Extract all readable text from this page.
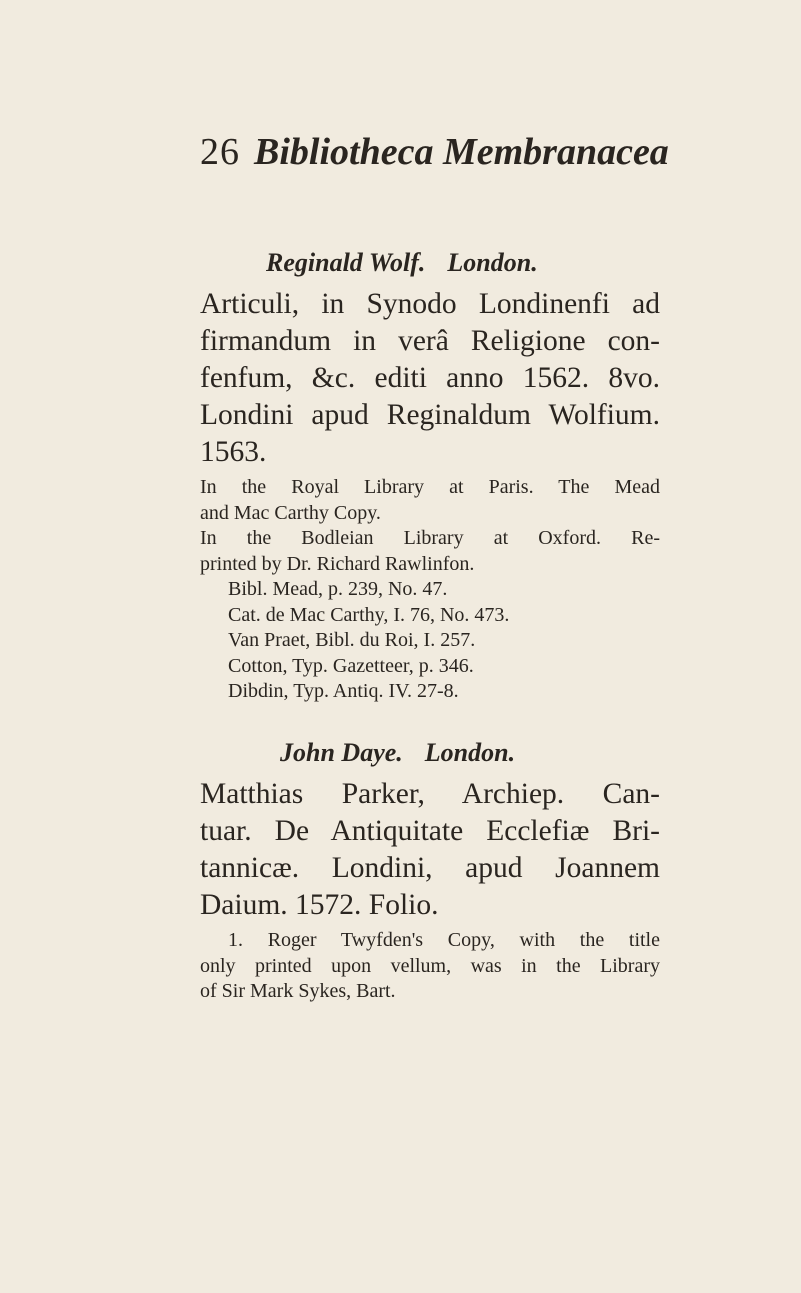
26 Bibliotheca Membranacea
Reginald Wolf. London.
Articuli, in Synodo Londinenfi ad
firmandum in verâ Religione con-
fenfum, &c. editi anno 1562. 8vo.
Londini apud Reginaldum Wolfium.
1563.
In the Royal Library at Paris. The Mead
and Mac Carthy Copy.
In the Bodleian Library at Oxford. Re-
printed by Dr. Richard Rawlinfon.
Bibl. Mead, p. 239, No. 47.
Cat. de Mac Carthy, I. 76, No. 473.
Van Praet, Bibl. du Roi, I. 257.
Cotton, Typ. Gazetteer, p. 346.
Dibdin, Typ. Antiq. IV. 27-8.
John Daye. London.
Matthias Parker, Archiep. Can-
tuar. De Antiquitate Ecclefiæ Bri-
tannicæ. Londini, apud Joannem
Daium. 1572. Folio.
1. Roger Twyfden's Copy, with the title
only printed upon vellum, was in the Library
of Sir Mark Sykes, Bart.
